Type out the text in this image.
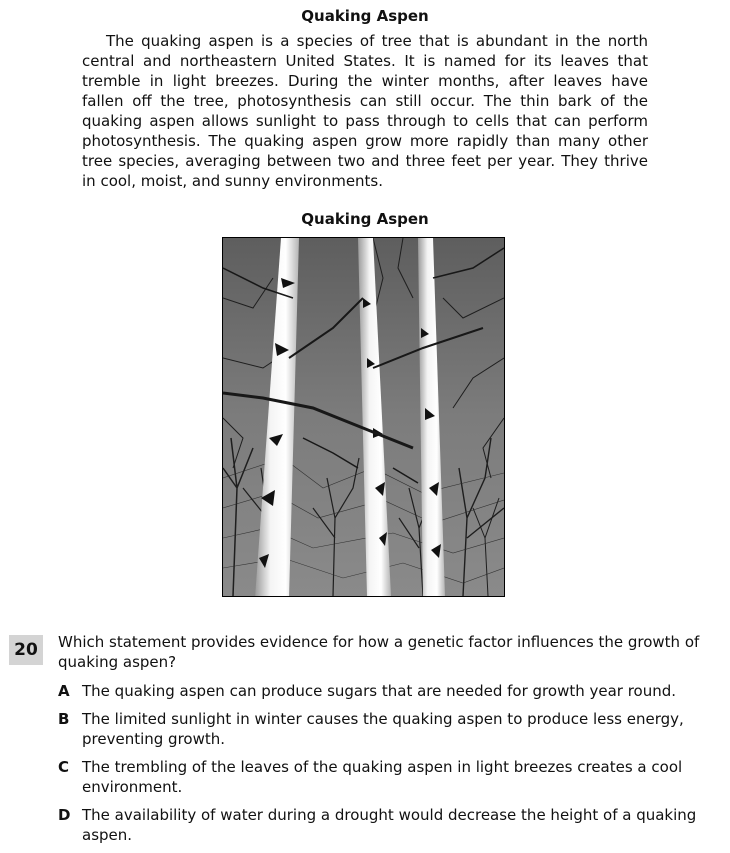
Quaking Aspen

The quaking aspen is a species of tree that is abundant in the north central and northeastern United States. It is named for its leaves that tremble in light breezes. During the winter months, after leaves have fallen off the tree, photosynthesis can still occur. The thin bark of the quaking aspen allows sunlight to pass through to cells that can perform photosynthesis. The quaking aspen grow more rapidly than many other tree species, averaging between two and three feet per year. They thrive in cool, moist, and sunny environments.

Quaking Aspen
20	Which statement provides evidence for how a genetic factor influences the growth of quaking aspen?

A The quaking aspen can produce sugars that are needed for growth year round.
B The limited sunlight in winter causes the quaking aspen to produce less energy, preventing growth.
C The trembling of the leaves of the quaking aspen in light breezes creates a cool environment.
D The availability of water during a drought would decrease the height of a quaking aspen.
